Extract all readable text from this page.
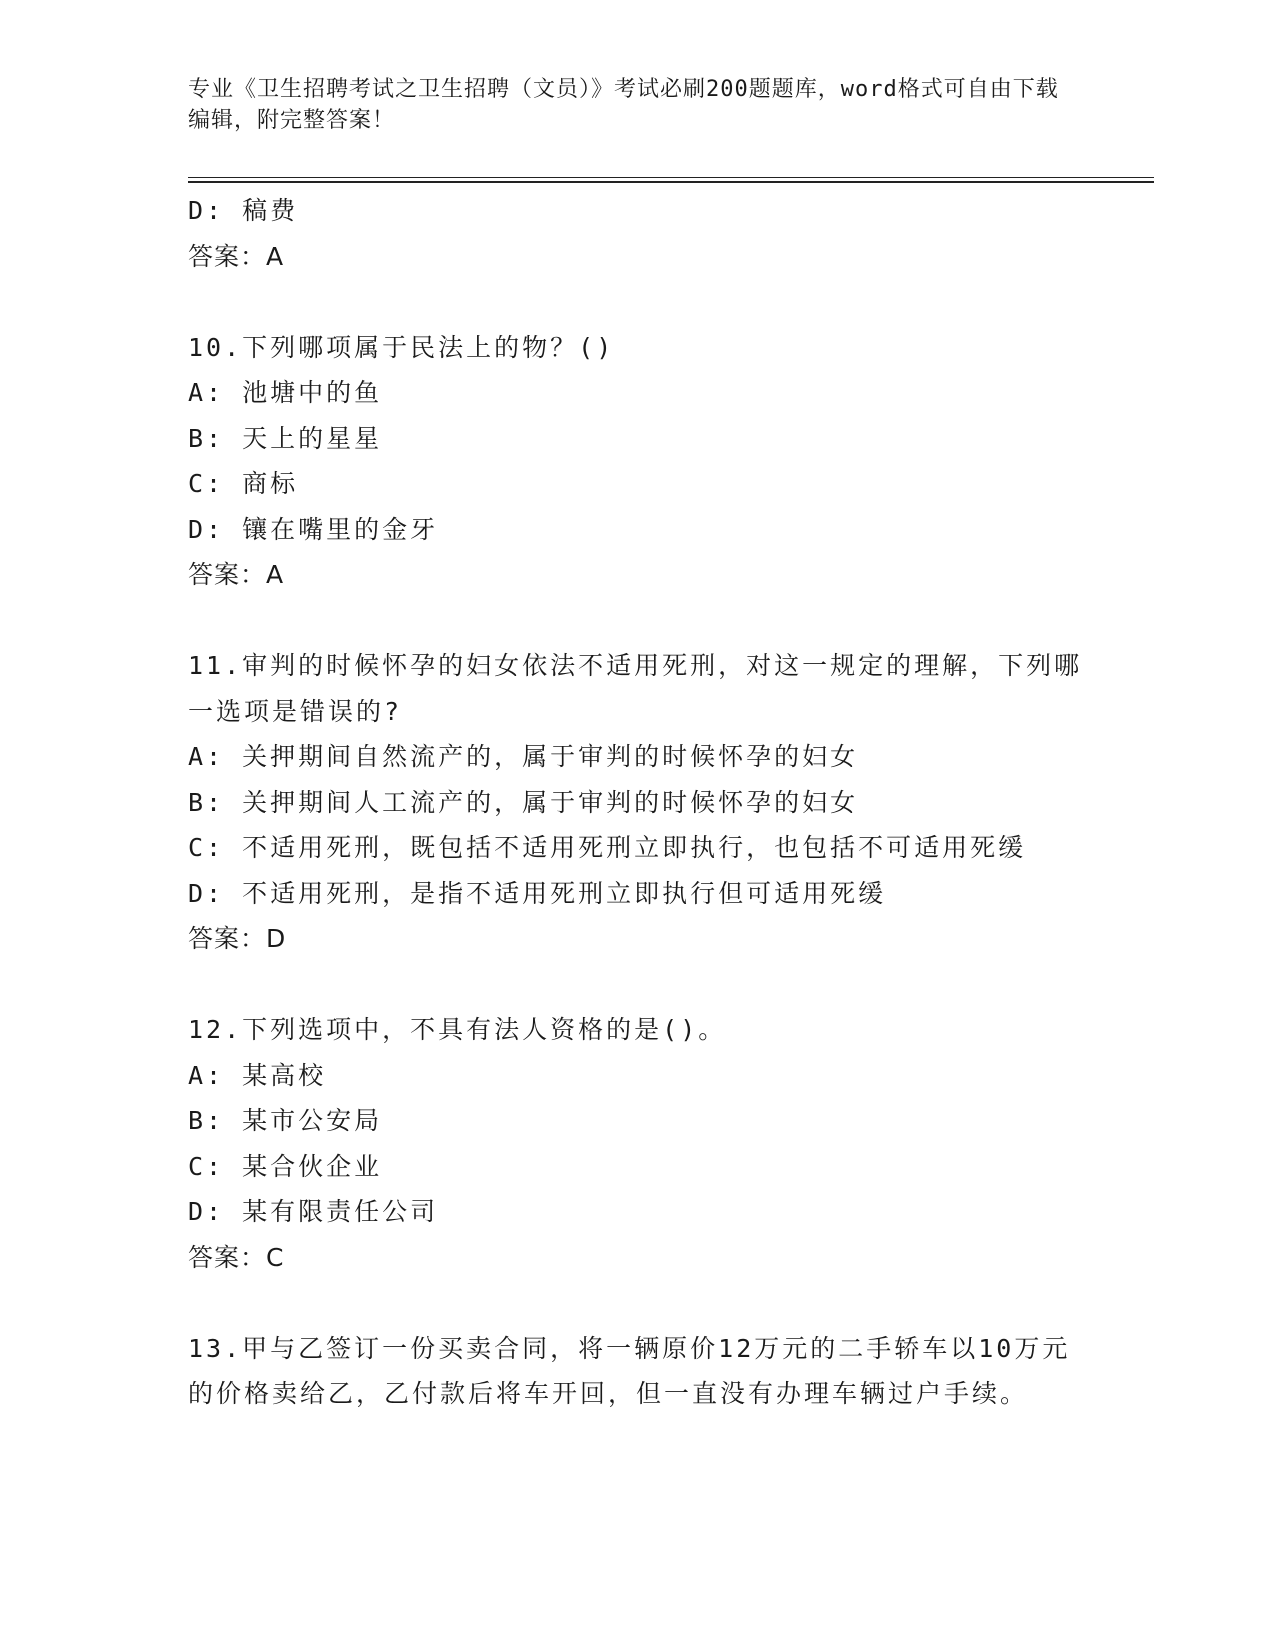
专业《卫生招聘考试之卫生招聘（文员）》考试必刷200题题库，word格式可自由下载编辑，附完整答案！
D: 稿费
答案：A
10.下列哪项属于民法上的物？()
A: 池塘中的鱼
B: 天上的星星
C: 商标
D: 镶在嘴里的金牙
答案：A
11.审判的时候怀孕的妇女依法不适用死刑，对这一规定的理解，下列哪一选项是错误的?
A: 关押期间自然流产的，属于审判的时候怀孕的妇女
B: 关押期间人工流产的，属于审判的时候怀孕的妇女
C: 不适用死刑，既包括不适用死刑立即执行，也包括不可适用死缓
D: 不适用死刑，是指不适用死刑立即执行但可适用死缓
答案：D
12.下列选项中，不具有法人资格的是()。
A: 某高校
B: 某市公安局
C: 某合伙企业
D: 某有限责任公司
答案：C
13.甲与乙签订一份买卖合同，将一辆原价12万元的二手轿车以10万元的价格卖给乙，乙付款后将车开回，但一直没有办理车辆过户手续。
